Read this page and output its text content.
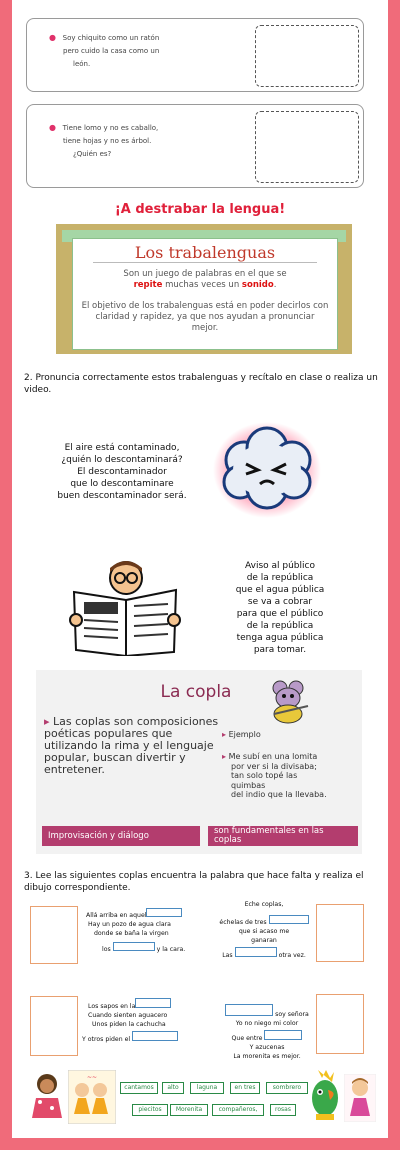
● Soy chiquito como un ratón
pero cuido la casa como un
león.
● Tiene lomo y no es caballo,
tiene hojas y no es árbol.
¿Quién es?
¡A destrabar la lengua!
Los trabalenguas
Son un juego de palabras en el que se
repite muchas veces un sonido.
El objetivo de los trabalenguas está en poder decirlos con claridad y rapidez, ya que nos ayudan a pronunciar mejor.
2. Pronuncia correctamente estos trabalenguas y recítalo en clase o realiza un video.
El aire está contaminado,
¿quién lo descontaminará?
El descontaminador
que lo descontaminare
buen descontaminador será.
Aviso al público
de la república
que el agua pública
se va a cobrar
para que el público
de la república
tenga agua pública
para tomar.
La copla
▸ Las coplas son composiciones poéticas populares que utilizando la rima y el lenguaje popular, buscan divertir y entretener.
▸ Ejemplo
▸ Me subí en una lomita
por ver si la divisaba;
tan solo topé las
quimbas
del indio que la llevaba.
Improvisación y diálogo	son fundamentales en las coplas
3. Lee las siguientes coplas encuentra la palabra que hace falta y realiza el dibujo correspondiente.
Allá arriba en aquel
Hay un pozo de agua clara
donde se baña la virgen
los	y la cara.
Eche coplas,
échelas de tres
que si acaso me
ganaran
Las	otra vez.
Los sapos en la
Cuando sienten aguacero
Unos piden la cachucha
Y otros piden el
soy señora
Yo no niego mi color
Que entre
Y azucenas
La morenita es mejor.
~~
cantamos	alto	laguna	en tres	sombrero
piecitos	Morenita	compañeros,	rosas
